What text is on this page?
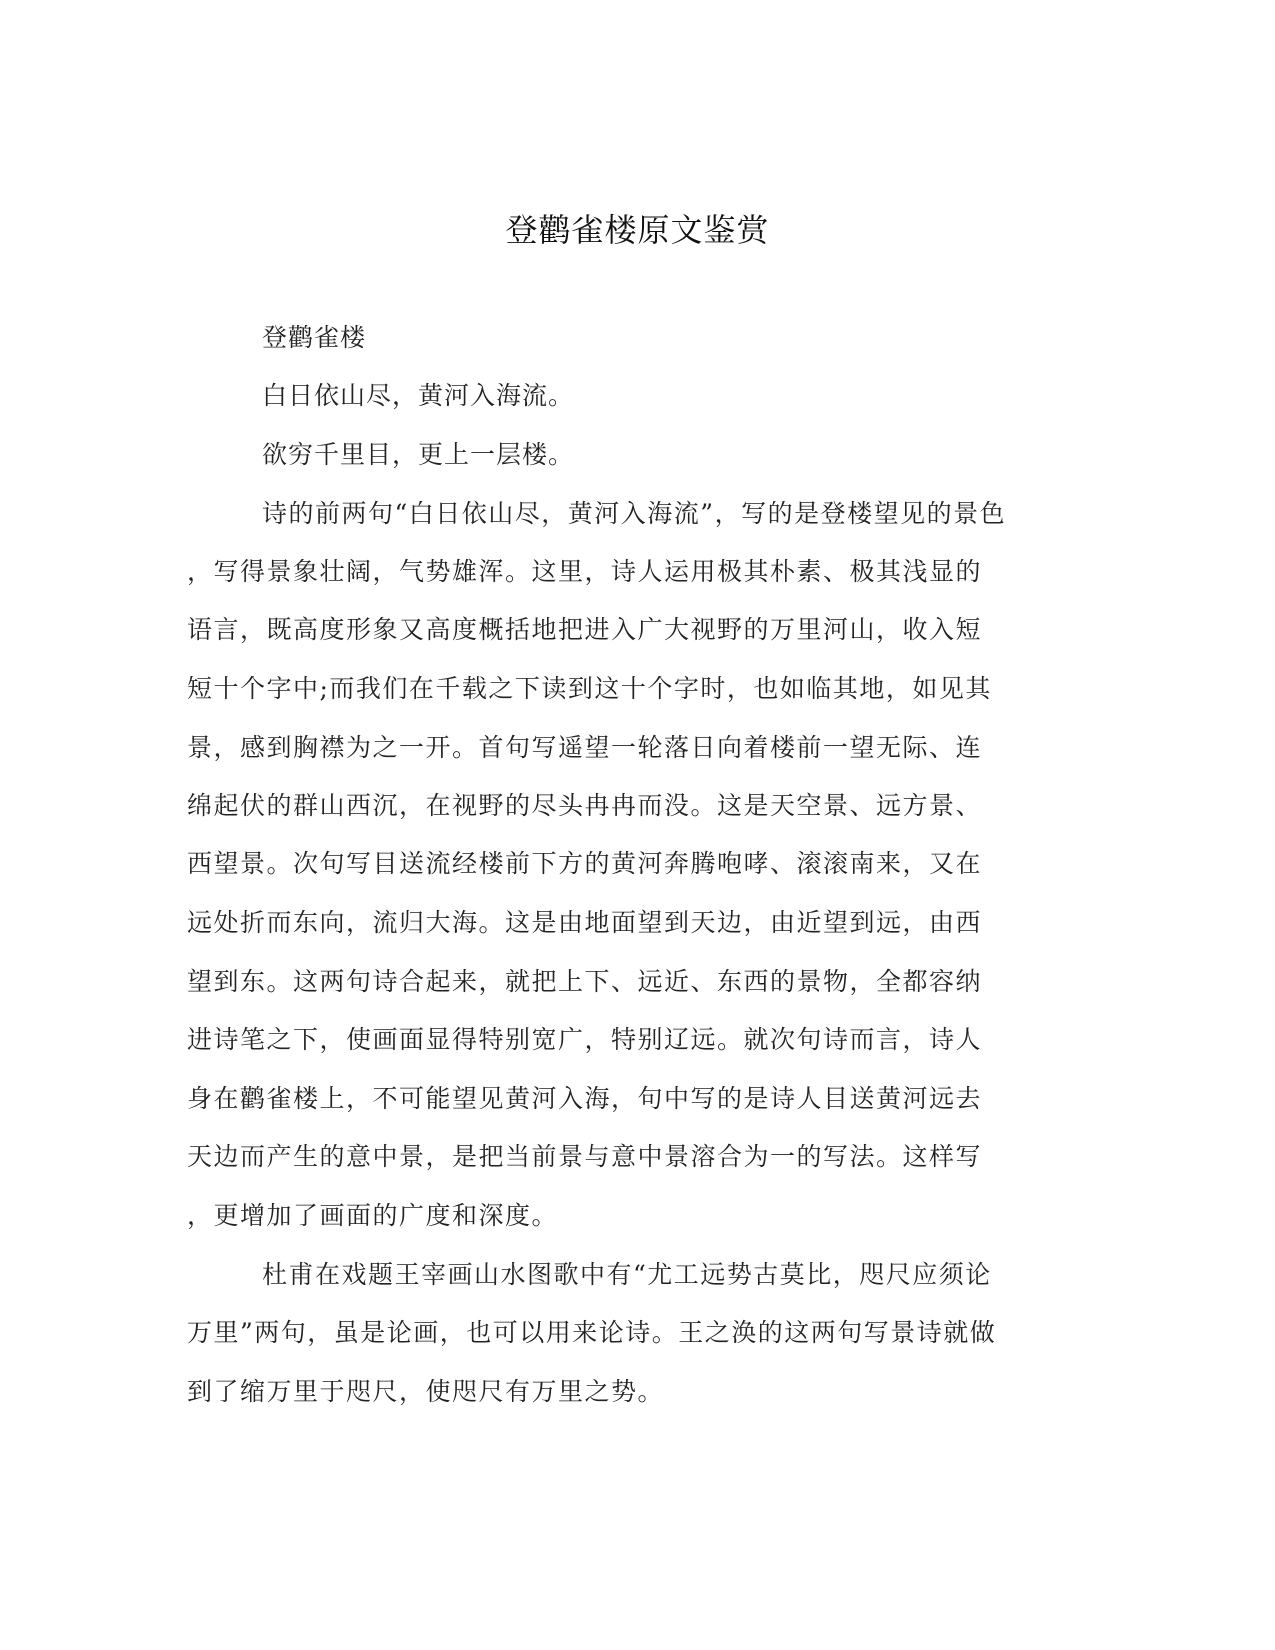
登鹳雀楼原文鉴赏
登鹳雀楼
白日依山尽，黄河入海流。
欲穷千里目，更上一层楼。
诗的前两句“白日依山尽，黄河入海流”，写的是登楼望见的景色
，写得景象壮阔，气势雄浑。这里，诗人运用极其朴素、极其浅显的
语言，既高度形象又高度概括地把进入广大视野的万里河山，收入短
短十个字中;而我们在千载之下读到这十个字时，也如临其地，如见其
景，感到胸襟为之一开。首句写遥望一轮落日向着楼前一望无际、连
绵起伏的群山西沉，在视野的尽头冉冉而没。这是天空景、远方景、
西望景。次句写目送流经楼前下方的黄河奔腾咆哮、滚滚南来，又在
远处折而东向，流归大海。这是由地面望到天边，由近望到远，由西
望到东。这两句诗合起来，就把上下、远近、东西的景物，全都容纳
进诗笔之下，使画面显得特别宽广，特别辽远。就次句诗而言，诗人
身在鹳雀楼上，不可能望见黄河入海，句中写的是诗人目送黄河远去
天边而产生的意中景，是把当前景与意中景溶合为一的写法。这样写
，更增加了画面的广度和深度。
杜甫在戏题王宰画山水图歌中有“尤工远势古莫比，咫尺应须论
万里”两句，虽是论画，也可以用来论诗。王之涣的这两句写景诗就做
到了缩万里于咫尺，使咫尺有万里之势。
